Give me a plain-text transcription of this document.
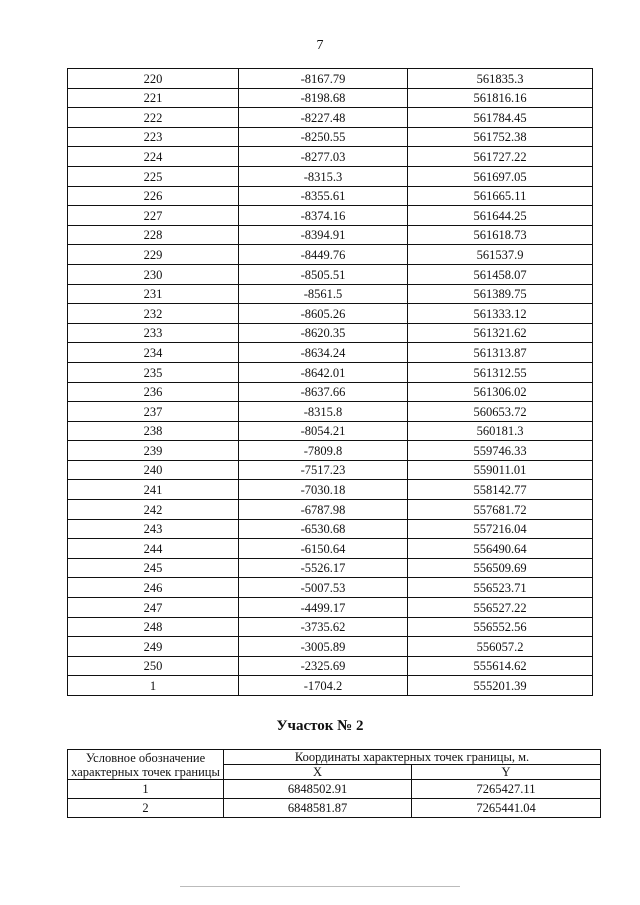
7
220	-8167.79	561835.3
221	-8198.68	561816.16
222	-8227.48	561784.45
223	-8250.55	561752.38
224	-8277.03	561727.22
225	-8315.3	561697.05
226	-8355.61	561665.11
227	-8374.16	561644.25
228	-8394.91	561618.73
229	-8449.76	561537.9
230	-8505.51	561458.07
231	-8561.5	561389.75
232	-8605.26	561333.12
233	-8620.35	561321.62
234	-8634.24	561313.87
235	-8642.01	561312.55
236	-8637.66	561306.02
237	-8315.8	560653.72
238	-8054.21	560181.3
239	-7809.8	559746.33
240	-7517.23	559011.01
241	-7030.18	558142.77
242	-6787.98	557681.72
243	-6530.68	557216.04
244	-6150.64	556490.64
245	-5526.17	556509.69
246	-5007.53	556523.71
247	-4499.17	556527.22
248	-3735.62	556552.56
249	-3005.89	556057.2
250	-2325.69	555614.62
1	-1704.2	555201.39
Участок № 2
Условное обозначение характерных точек границы	Координаты характерных точек границы, м.	
	X	Y
1	6848502.91	7265427.11
2	6848581.87	7265441.04
